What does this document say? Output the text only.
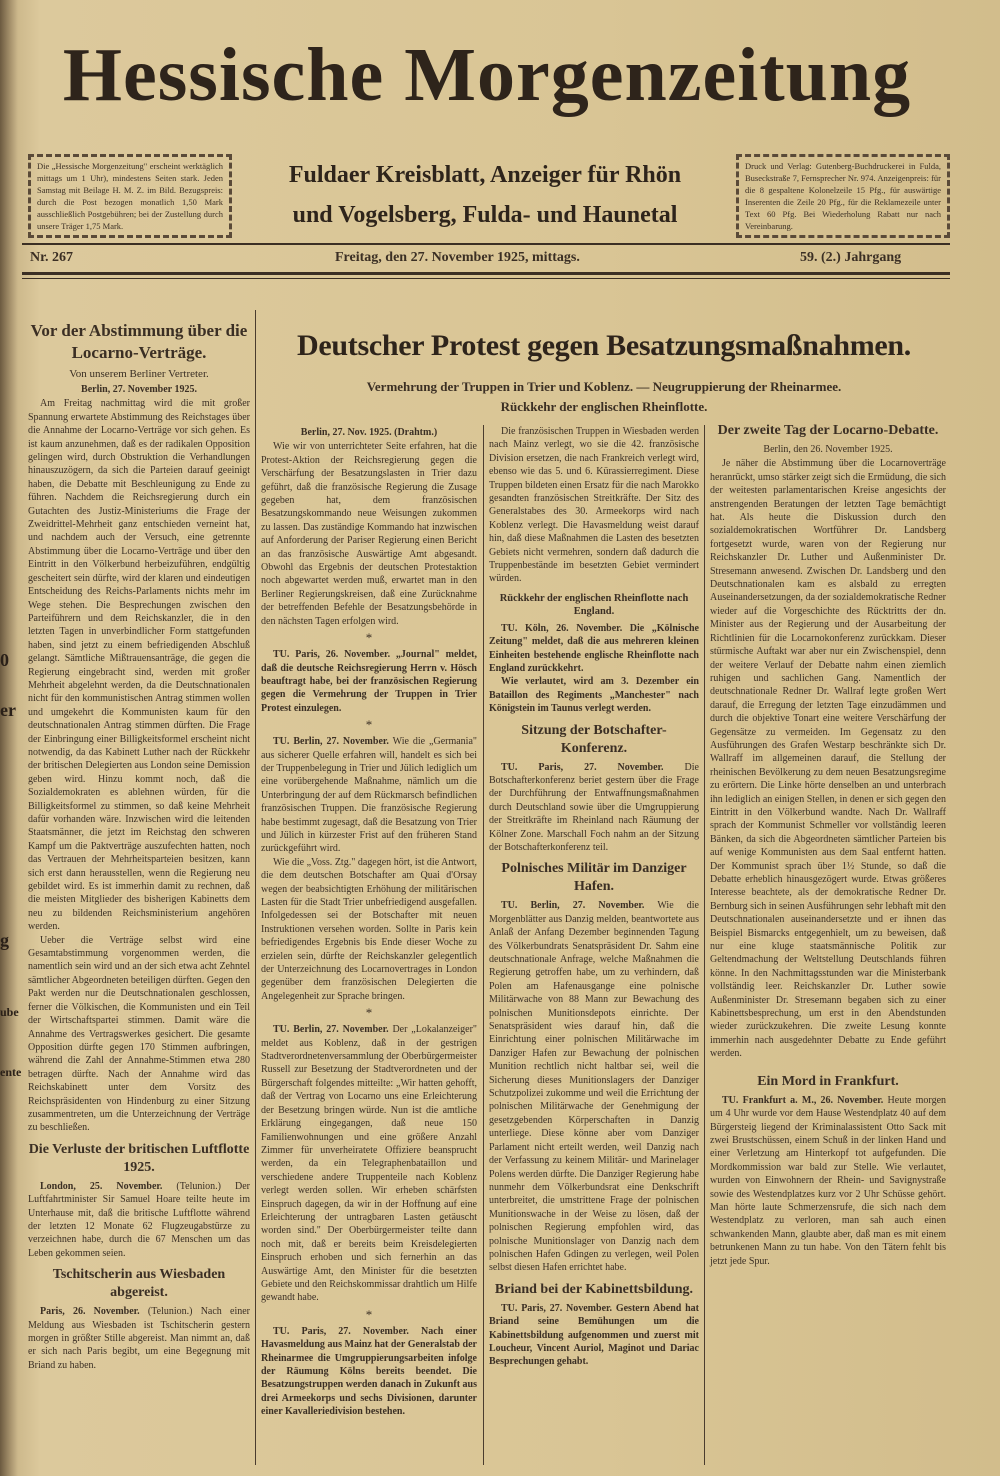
0
er
g
ube
ente
Hessische Morgenzeitung
Fuldaer Kreisblatt, Anzeiger für Rhön
und Vogelsberg, Fulda- und Haunetal
Die „Hessische Morgenzeitung" erscheint werktäglich mittags um 1 Uhr), mindestens Seiten stark. Jeden Samstag mit Beilage H. M. Z. im Bild. Bezugspreis: durch die Post bezogen monatlich 1,50 Mark ausschließlich Postgebühren; bei der Zustellung durch unsere Träger 1,75 Mark.
Druck und Verlag: Gutenberg-Buchdruckerei in Fulda, Buseckstraße 7, Fernsprecher Nr. 974. Anzeigenpreis: für die 8 gespaltene Kolonelzeile 15 Pfg., für auswärtige Inserenten die Zeile 20 Pfg., für die Reklamezeile unter Text 60 Pfg. Bei Wiederholung Rabatt nur nach Vereinbarung.
Nr. 267	Freitag, den 27. November 1925, mittags.	59. (2.) Jahrgang
Deutscher Protest gegen Besatzungsmaßnahmen.
Vermehrung der Truppen in Trier und Koblenz. — Neugruppierung der Rheinarmee.
Rückkehr der englischen Rheinflotte.
Vor der Abstimmung über die Locarno-Verträge.
Von unserem Berliner Vertreter.
Berlin, 27. November 1925.

Am Freitag nachmittag wird die mit großer Spannung erwartete Abstimmung des Reichstages über die Annahme der Locarno-Verträge vor sich gehen. Es ist kaum anzunehmen, daß es der radikalen Opposition gelingen wird, durch Obstruktion die Verhandlungen hinauszuzögern, da sich die Parteien darauf geeinigt haben, die Debatte mit Beschleunigung zu Ende zu führen. Nachdem die Reichsregierung durch ein Gutachten des Justiz-Ministeriums die Frage der Zweidrittel-Mehrheit ganz entschieden verneint hat, und nachdem auch der Versuch, eine getrennte Abstimmung über die Locarno-Verträge und über den Eintritt in den Völkerbund herbeizuführen, endgültig gescheitert sein dürfte, wird der klaren und eindeutigen Entscheidung des Reichs-Parlaments nichts mehr im Wege stehen. Die Besprechungen zwischen den Parteiführern und dem Reichskanzler, die in den letzten Tagen in unverbindlicher Form stattgefunden haben, sind jetzt zu einem befriedigenden Abschluß gelangt. Sämtliche Mißtrauensanträge, die gegen die Regierung eingebracht sind, werden mit großer Mehrheit abgelehnt werden, da die Deutschnationalen nicht für den kommunistischen Antrag stimmen wollen und umgekehrt die Kommunisten kaum für den deutschnationalen Antrag stimmen dürften. Die Frage der Einbringung einer Billigkeitsformel erscheint nicht notwendig, da das Kabinett Luther nach der Rückkehr der britischen Delegierten aus London seine Demission geben wird. Hinzu kommt noch, daß die Sozialdemokraten es ablehnen würden, für die Billigkeitsformel zu stimmen, so daß keine Mehrheit dafür vorhanden wäre. Inzwischen wird die leitenden Staatsmänner, die jetzt im Reichstag den schweren Kampf um die Paktverträge auszufechten hatten, noch das Vertrauen der Mehrheitsparteien besitzen, kann sich erst dann herausstellen, wenn die Regierung neu gebildet wird. Es ist immerhin damit zu rechnen, daß die meisten Mitglieder des bisherigen Kabinetts dem neu zu bildenden Reichsministerium angehören werden.

Ueber die Verträge selbst wird eine Gesamtabstimmung vorgenommen werden, die namentlich sein wird und an der sich etwa acht Zehntel sämtlicher Abgeordneten beteiligen dürften. Gegen den Pakt werden nur die Deutschnationalen geschlossen, ferner die Völkischen, die Kommunisten und ein Teil der Wirtschaftspartei stimmen. Damit wäre die Annahme des Vertragswerkes gesichert. Die gesamte Opposition dürfte gegen 170 Stimmen aufbringen, während die Zahl der Annahme-Stimmen etwa 280 betragen dürfte. Nach der Annahme wird das Reichskabinett unter dem Vorsitz des Reichspräsidenten von Hindenburg zu einer Sitzung zusammentreten, um die Unterzeichnung der Verträge zu beschließen.

Die Verluste der britischen Luftflotte 1925.

London, 25. November. (Telunion.) Der Luftfahrtminister Sir Samuel Hoare teilte heute im Unterhause mit, daß die britische Luftflotte während der letzten 12 Monate 62 Flugzeugabstürze zu verzeichnen habe, durch die 67 Menschen um das Leben gekommen seien.

Tschitscherin aus Wiesbaden abgereist.

Paris, 26. November. (Telunion.) Nach einer Meldung aus Wiesbaden ist Tschitscherin gestern morgen in größter Stille abgereist. Man nimmt an, daß er sich nach Paris begibt, um eine Begegnung mit Briand zu haben.

Berlin, 27. Nov. 1925. (Drahtm.)

Wie wir von unterrichteter Seite erfahren, hat die Protest-Aktion der Reichsregierung gegen die Verschärfung der Besatzungslasten in Trier dazu geführt, daß die französische Regierung die Zusage gegeben hat, dem französischen Besatzungskommando neue Weisungen zukommen zu lassen. Das zuständige Kommando hat inzwischen auf Anforderung der Pariser Regierung einen Bericht an das französische Auswärtige Amt abgesandt. Obwohl das Ergebnis der deutschen Protestaktion noch abgewartet werden muß, erwartet man in den Berliner Regierungskreisen, daß eine Zurücknahme der betreffenden Befehle der Besatzungsbehörde in den nächsten Tagen erfolgen wird.

*

TU. Paris, 26. November. „Journal" meldet, daß die deutsche Reichsregierung Herrn v. Hösch beauftragt habe, bei der französischen Regierung gegen die Vermehrung der Truppen in Trier Protest einzulegen.

*

TU. Berlin, 27. November. Wie die „Germania" aus sicherer Quelle erfahren will, handelt es sich bei der Truppenbelegung in Trier und Jülich lediglich um eine vorübergehende Maßnahme, nämlich um die Unterbringung der auf dem Rückmarsch befindlichen französischen Truppen. Die französische Regierung habe bestimmt zugesagt, daß die Besatzung von Trier und Jülich in kürzester Frist auf den früheren Stand zurückgeführt wird.

Wie die „Voss. Ztg." dagegen hört, ist die Antwort, die dem deutschen Botschafter am Quai d'Orsay wegen der beabsichtigten Erhöhung der militärischen Lasten für die Stadt Trier unbefriedigend ausgefallen. Infolgedessen sei der Botschafter mit neuen Instruktionen versehen worden. Sollte in Paris kein befriedigendes Ergebnis bis Ende dieser Woche zu erzielen sein, dürfte der Reichskanzler gelegentlich der Unterzeichnung des Locarnovertrages in London gegenüber dem französischen Delegierten die Angelegenheit zur Sprache bringen.

*

TU. Berlin, 27. November. Der „Lokalanzeiger" meldet aus Koblenz, daß in der gestrigen Stadtverordnetenversammlung der Oberbürgermeister Russell zur Besetzung der Stadtverordneten und der Bürgerschaft folgendes mitteilte: „Wir hatten gehofft, daß der Vertrag von Locarno uns eine Erleichterung der Besetzung bringen würde. Nun ist die amtliche Erklärung eingegangen, daß neue 150 Familienwohnungen und eine größere Anzahl Zimmer für unverheiratete Offiziere beansprucht werden, da ein Telegraphenbataillon und verschiedene andere Truppenteile nach Koblenz verlegt werden sollen. Wir erheben schärfsten Einspruch dagegen, da wir in der Hoffnung auf eine Erleichterung der untragbaren Lasten getäuscht worden sind." Der Oberbürgermeister teilte dann noch mit, daß er bereits beim Kreisdelegierten Einspruch erhoben und sich fernerhin an das Auswärtige Amt, den Minister für die besetzten Gebiete und den Reichskommissar drahtlich um Hilfe gewandt habe.

*

TU. Paris, 27. November. Nach einer Havasmeldung aus Mainz hat der Generalstab der Rheinarmee die Umgruppierungsarbeiten infolge der Räumung Kölns bereits beendet. Die Besatzungstruppen werden danach in Zukunft aus drei Armeekorps und sechs Divisionen, darunter einer Kavalleriedivision bestehen.

Die französischen Truppen in Wiesbaden werden nach Mainz verlegt, wo sie die 42. französische Division ersetzen, die nach Frankreich verlegt wird, ebenso wie das 5. und 6. Kürassierregiment. Diese Truppen bildeten einen Ersatz für die nach Marokko gesandten französischen Streitkräfte. Der Sitz des Generalstabes des 30. Armeekorps wird nach Koblenz verlegt. Die Havasmeldung weist darauf hin, daß diese Maßnahmen die Lasten des besetzten Gebiets nicht vermehren, sondern daß dadurch die Truppenbestände im besetzten Gebiet vermindert würden.

Rückkehr der englischen Rheinflotte nach England.

TU. Köln, 26. November. Die „Kölnische Zeitung" meldet, daß die aus mehreren kleinen Einheiten bestehende englische Rheinflotte nach England zurückkehrt.

Wie verlautet, wird am 3. Dezember ein Bataillon des Regiments „Manchester" nach Königstein im Taunus verlegt werden.

Sitzung der Botschafter-Konferenz.

TU. Paris, 27. November. Die Botschafterkonferenz beriet gestern über die Frage der Durchführung der Entwaffnungsmaßnahmen durch Deutschland sowie über die Umgruppierung der Streitkräfte im Rheinland nach Räumung der Kölner Zone. Marschall Foch nahm an der Sitzung der Botschafterkonferenz teil.

Polnisches Militär im Danziger Hafen.

TU. Berlin, 27. November. Wie die Morgenblätter aus Danzig melden, beantwortete aus Anlaß der Anfang Dezember beginnenden Tagung des Völkerbundrats Senatspräsident Dr. Sahm eine deutschnationale Anfrage, welche Maßnahmen die Regierung getroffen habe, um zu verhindern, daß Polen am Hafenausgange eine polnische Militärwache von 88 Mann zur Bewachung des polnischen Munitionsdepots einrichte. Der Senatspräsident wies darauf hin, daß die Einrichtung einer polnischen Militärwache im Danziger Hafen zur Bewachung der polnischen Munition rechtlich nicht haltbar sei, weil die Sicherung dieses Munitionslagers der Danziger Schutzpolizei zukomme und weil die Errichtung der polnischen Militärwache der Genehmigung der gesetzgebenden Körperschaften in Danzig unterliege. Diese könne aber vom Danziger Parlament nicht erteilt werden, weil Danzig nach der Verfassung zu keinem Militär- und Marinelager Polens werden dürfte. Die Danziger Regierung habe nunmehr dem Völkerbundsrat eine Denkschrift unterbreitet, die umstrittene Frage der polnischen Munitionswache in der Weise zu lösen, daß der polnischen Regierung empfohlen wird, das polnische Munitionslager von Danzig nach dem polnischen Hafen Gdingen zu verlegen, weil Polen selbst diesen Hafen errichtet habe.

Briand bei der Kabinettsbildung.

TU. Paris, 27. November. Gestern Abend hat Briand seine Bemühungen um die Kabinettsbildung aufgenommen und zuerst mit Loucheur, Vincent Auriol, Maginot und Dariac Besprechungen gehabt.

Der zweite Tag der Locarno-Debatte.
Berlin, den 26. November 1925.

Je näher die Abstimmung über die Locarnoverträge heranrückt, umso stärker zeigt sich die Ermüdung, die sich der weitesten parlamentarischen Kreise angesichts der anstrengenden Beratungen der letzten Tage bemächtigt hat. Als heute die Diskussion durch den sozialdemokratischen Wortführer Dr. Landsberg fortgesetzt wurde, waren von der Regierung nur Reichskanzler Dr. Luther und Außenminister Dr. Stresemann anwesend. Zwischen Dr. Landsberg und den Deutschnationalen kam es alsbald zu erregten Auseinandersetzungen, da der sozialdemokratische Redner wieder auf die Vorgeschichte des Rücktritts der dn. Minister aus der Regierung und der Ausarbeitung der Richtlinien für die Locarnokonferenz zurückkam. Dieser stürmische Auftakt war aber nur ein Zwischenspiel, denn der weitere Verlauf der Debatte nahm einen ziemlich ruhigen und sachlichen Gang. Namentlich der deutschnationale Redner Dr. Wallraf legte großen Wert darauf, die Erregung der letzten Tage einzudämmen und durch die objektive Tonart eine weitere Verschärfung der Gegensätze zu vermeiden. Im Gegensatz zu den Ausführungen des Grafen Westarp beschränkte sich Dr. Wallraff im allgemeinen darauf, die Stellung der rheinischen Bevölkerung zu dem neuen Besatzungsregime zu erörtern. Die Linke hörte denselben an und unterbrach ihn lediglich an einigen Stellen, in denen er sich gegen den Eintritt in den Völkerbund wandte. Nach Dr. Wallraff sprach der Kommunist Schmeller vor vollständig leeren Bänken, da sich die Abgeordneten sämtlicher Parteien bis auf wenige Kommunisten aus dem Saal entfernt hatten. Der Kommunist sprach über 1½ Stunde, so daß die Debatte erheblich hinausgezögert wurde. Etwas größeres Interesse beachtete, als der demokratische Redner Dr. Bernburg sich in seinen Ausführungen sehr lebhaft mit den Deutschnationalen auseinandersetzte und er ihnen das Beispiel Bismarcks entgegenhielt, um zu beweisen, daß nur eine kluge staatsmännische Politik zur Geltendmachung der Weltstellung Deutschlands führen könne. In den Nachmittagsstunden war die Ministerbank vollständig leer. Reichskanzler Dr. Luther sowie Außenminister Dr. Stresemann begaben sich zu einer Kabinettsbesprechung, um erst in den Abendstunden wieder zurückzukehren. Die zweite Lesung konnte immerhin nach ausgedehnter Debatte zu Ende geführt werden.

Ein Mord in Frankfurt.

TU. Frankfurt a. M., 26. November. Heute morgen um 4 Uhr wurde vor dem Hause Westendplatz 40 auf dem Bürgersteig liegend der Kriminalassistent Otto Sack mit zwei Brustschüssen, einem Schuß in der linken Hand und einer Verletzung am Hinterkopf tot aufgefunden. Die Mordkommission war bald zur Stelle. Wie verlautet, wurden von Einwohnern der Rhein- und Savignystraße sowie des Westendplatzes kurz vor 2 Uhr Schüsse gehört. Man hörte laute Schmerzensrufe, die sich nach dem Westendplatz zu verloren, man sah auch einen schwankenden Mann, glaubte aber, daß man es mit einem betrunkenen Mann zu tun habe. Von den Tätern fehlt bis jetzt jede Spur.
